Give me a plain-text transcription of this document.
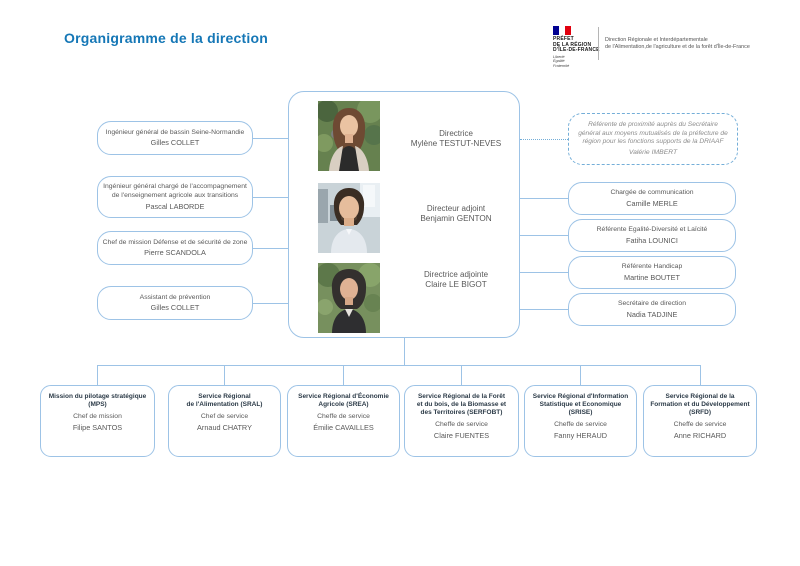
Organigramme de la direction	PRÉFET
DE LA RÉGION
D'ÎLE-DE-FRANCE
Liberté
Égalité
Fraternité
Direction Régionale et Interdépartementale
de l'Alimentation,de l'agriculture et de la forêt d'Île-de-France
Directrice
Mylène TESTUT-NEVES
Directeur adjoint
Benjamin GENTON
Directrice adjointe
Claire LE BIGOT
Ingénieur général de bassin Seine-Normandie
Gilles COLLET
Ingénieur général chargé de l'accompagnement de l'enseignement agricole aux transitions
Pascal LABORDE
Chef de mission Défense et de sécurité de zone
Pierre SCANDOLA
Assistant de prévention
Gilles COLLET
Référente de proximité auprès du Secrétaire
général aux moyens mutualisés de la préfecture de
région pour les fonctions supports de la DRIAAF
Valérie IMBERT
Chargée de communication
Camille MERLE
Référente Egalité-Diversité et Laïcité
Fatiha LOUNICI
Référente Handicap
Martine BOUTET
Secrétaire de direction
Nadia TADJINE
Mission du pilotage stratégique
(MPS)
Chef de mission
Filipe SANTOS
Service Régional
de l'Alimentation (SRAL)
Chef de service
Arnaud CHATRY
Service Régional d'Économie
Agricole (SREA)
Cheffe de service
Émilie CAVAILLES
Service Régional de la Forêt
et du bois, de la Biomasse et
des Territoires (SERFOBT)
Cheffe de service
Claire FUENTES
Service Régional d'Information
Statistique et Economique
(SRISE)
Cheffe de service
Fanny HERAUD
Service Régional de la
Formation et du Développement
(SRFD)
Cheffe de service
Anne RICHARD
